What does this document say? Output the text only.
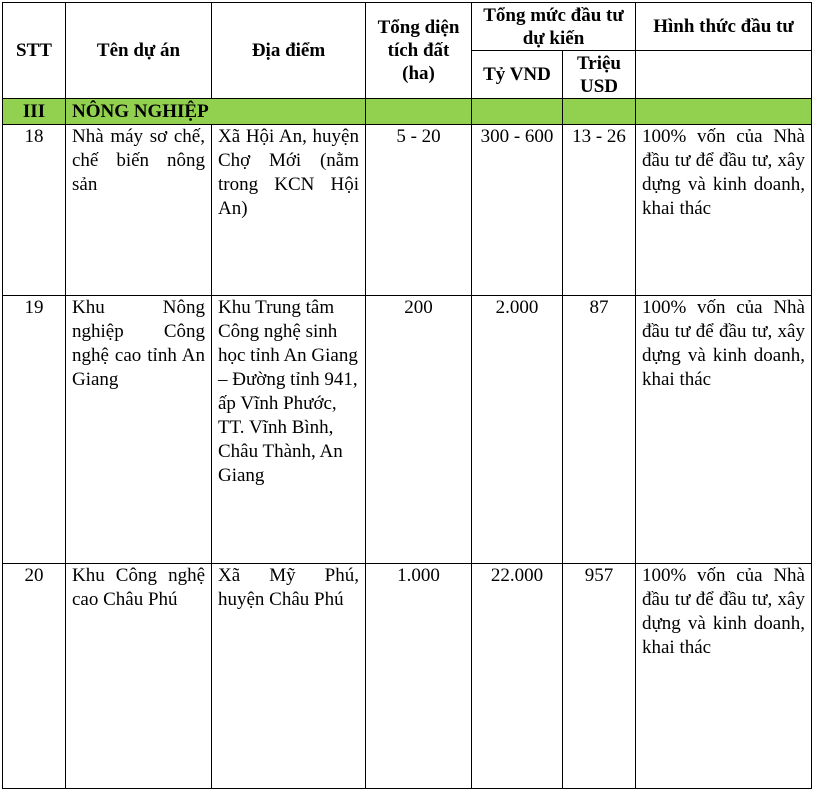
STT	Tên dự án	Địa điểm	Tổng diện tích đất (ha)	Tổng mức đầu tư dự kiến		Hình thức đầu tư
				Tỷ VND	Triệu USD	
III	NÔNG NGHIỆP					
18	Nhà máy sơ chế, chế biến nông sản	Xã Hội An, huyện Chợ Mới (nằm trong KCN Hội An)	5 - 20	300 - 600	13 - 26	100% vốn của Nhà đầu tư để đầu tư, xây dựng và kinh doanh, khai thác
19	Khu Nông nghiệp Công nghệ cao tỉnh An Giang	Khu Trung tâm Công nghệ sinh học tỉnh An Giang – Đường tỉnh 941, ấp Vĩnh Phước, TT. Vĩnh Bình, Châu Thành, An Giang	200	2.000	87	100% vốn của Nhà đầu tư để đầu tư, xây dựng và kinh doanh, khai thác
20	Khu Công nghệ cao Châu Phú	Xã Mỹ Phú, huyện Châu Phú	1.000	22.000	957	100% vốn của Nhà đầu tư để đầu tư, xây dựng và kinh doanh, khai thác
